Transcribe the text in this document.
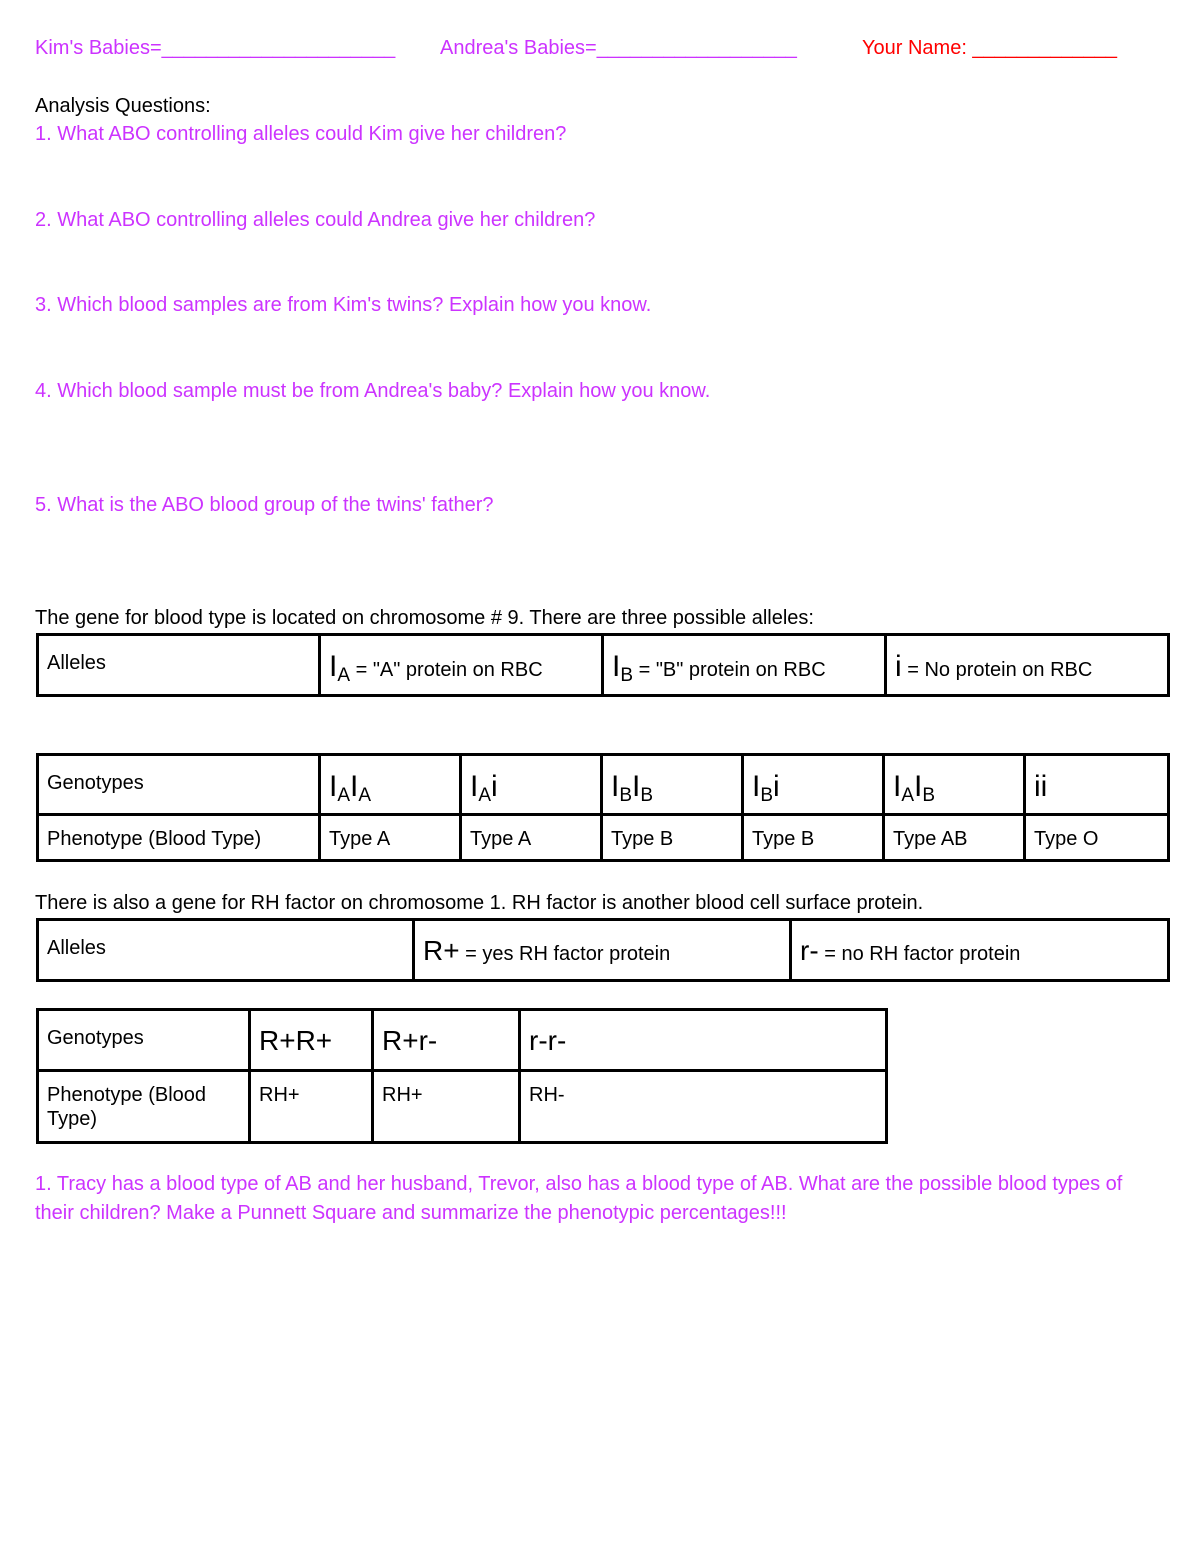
Kim's Babies=_____________________ Andrea's Babies=__________________	Your Name: _____________
Analysis Questions:
1. What ABO controlling alleles could Kim give her children?
2. What ABO controlling alleles could Andrea give her children?
3. Which blood samples are from Kim's twins? Explain how you know.
4. Which blood sample must be from Andrea's baby? Explain how you know.
5. What is the ABO blood group of the twins' father?
The gene for blood type is located on chromosome # 9. There are three possible alleles:
Alleles	$I_A$ = "A" protein on RBC	$I_B$ = "B" protein on RBC	i = No protein on RBC
Genotypes	$I_AI_A$	$I_Ai$	$I_BI_B$	$I_Bi$	$I_AI_B$	ii
Phenotype (Blood Type)	Type A	Type A	Type B	Type B	Type AB	Type O
There is also a gene for RH factor on chromosome 1. RH factor is another blood cell surface protein.
Alleles	R+ = yes RH factor protein	r- = no RH factor protein
Genotypes	R+R+	R+r-	r-r-
Phenotype (Blood Type)	RH+	RH+	RH-
1. Tracy has a blood type of AB and her husband, Trevor, also has a blood type of AB. What are the possible blood types of their children? Make a Punnett Square and summarize the phenotypic percentages!!!
